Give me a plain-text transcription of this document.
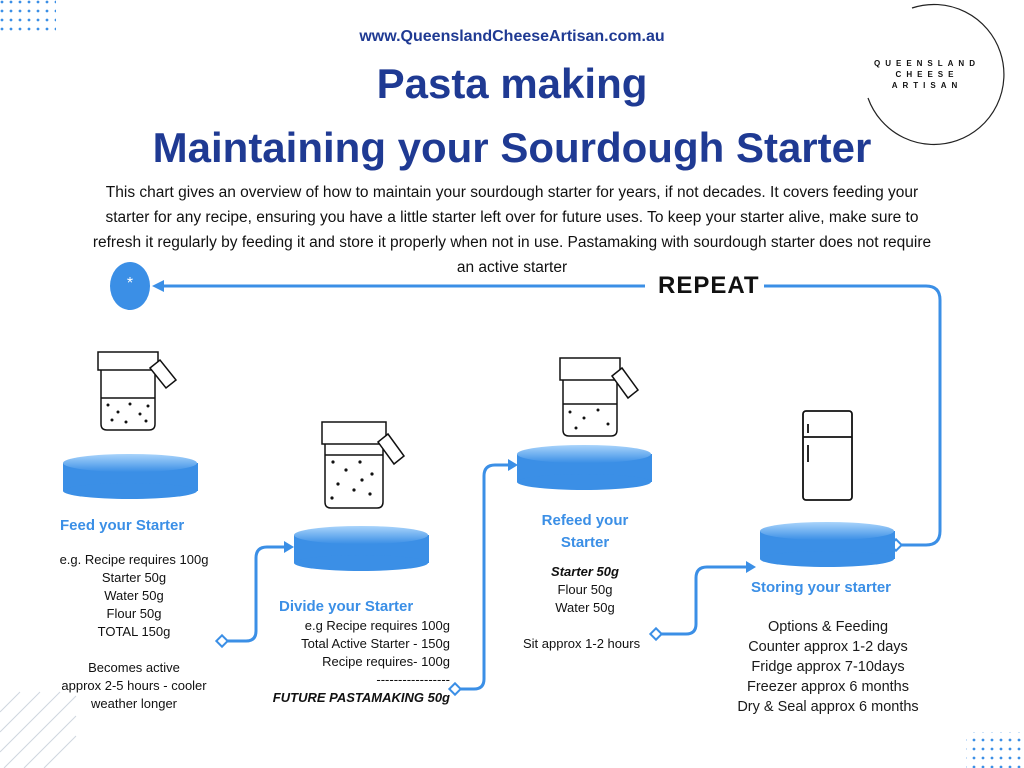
www.QueenslandCheeseArtisan.com.au
Pasta making
Maintaining your Sourdough Starter
This chart gives an overview of how to maintain your sourdough starter for years, if not decades. It covers feeding your starter for any recipe, ensuring you have a little starter left over for future uses. To keep your starter alive, make sure to refresh it regularly by feeding it and store it properly when not in use. Pastamaking with sourdough starter does not require an active starter
QUEENSLAND
CHEESE
ARTISAN
*	REPEAT
Feed your Starter
e.g. Recipe requires 100g
Starter 50g
Water 50g
Flour 50g
TOTAL 150g
Becomes active
approx 2-5 hours - cooler
weather longer
Divide your Starter
e.g Recipe requires 100g
Total Active Starter - 150g
Recipe requires- 100g
-----------------
FUTURE PASTAMAKING 50g
Refeed your
Starter
Starter 50g
Flour 50g
Water 50g
Sit approx 1-2 hours
Storing your starter
Options & Feeding
Counter approx 1-2 days
Fridge approx 7-10days
Freezer approx 6 months
Dry & Seal approx 6 months
